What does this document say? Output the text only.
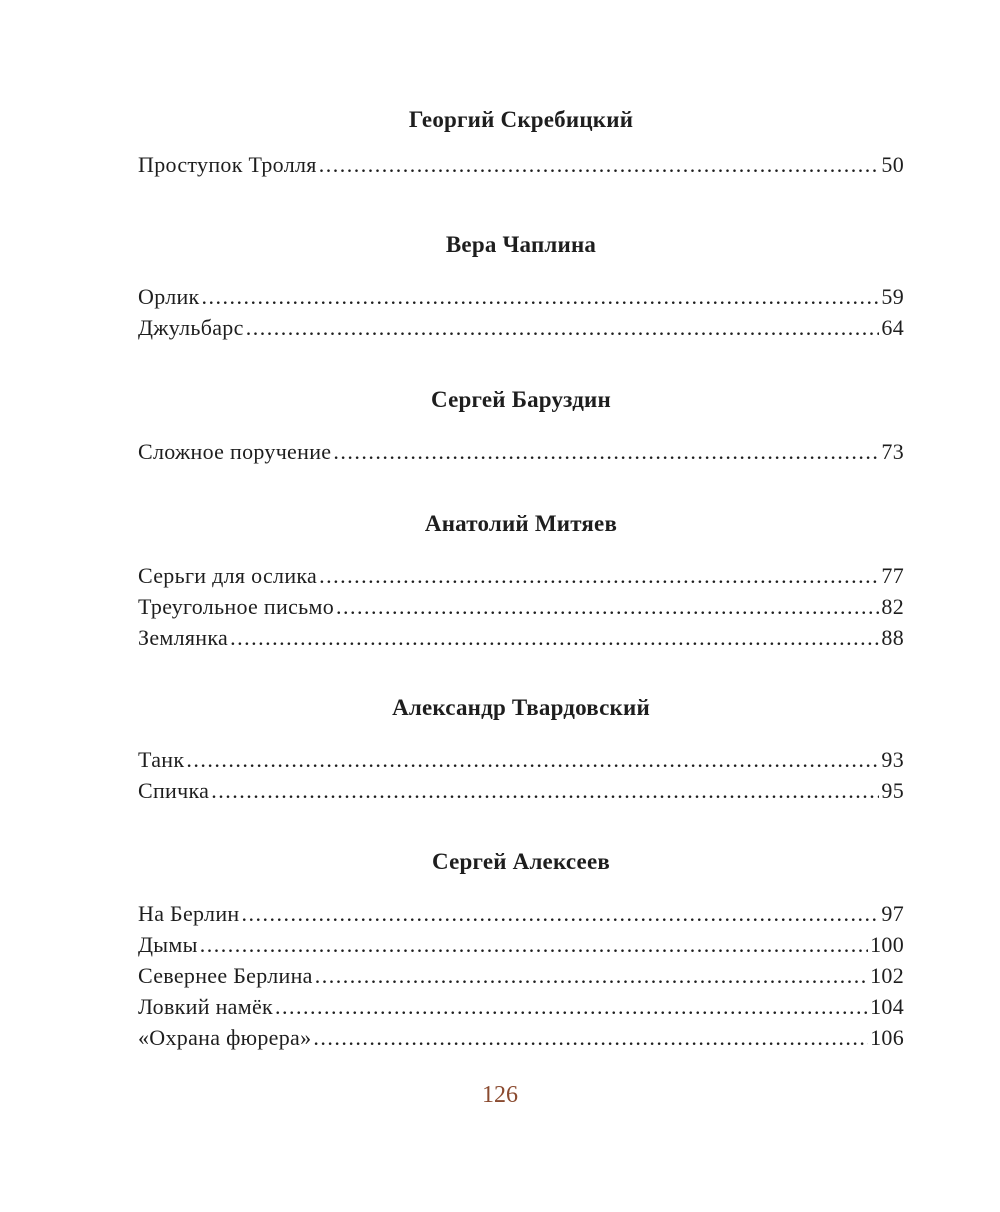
Георгий Скребицкий
Проступок Тролля .....	50
Вера Чаплина
Орлик .....	59
Джульбарс .....	64
Сергей Баруздин
Сложное поручение .....	73
Анатолий Митяев
Серьги для ослика .....	77
Треугольное письмо .....	82
Землянка .....	88
Александр Твардовский
Танк .....	93
Спичка .....	95
Сергей Алексеев
На Берлин .....	97
Дымы .....	100
Севернее Берлина .....	102
Ловкий намёк .....	104
«Охрана фюрера» .....	106
126
